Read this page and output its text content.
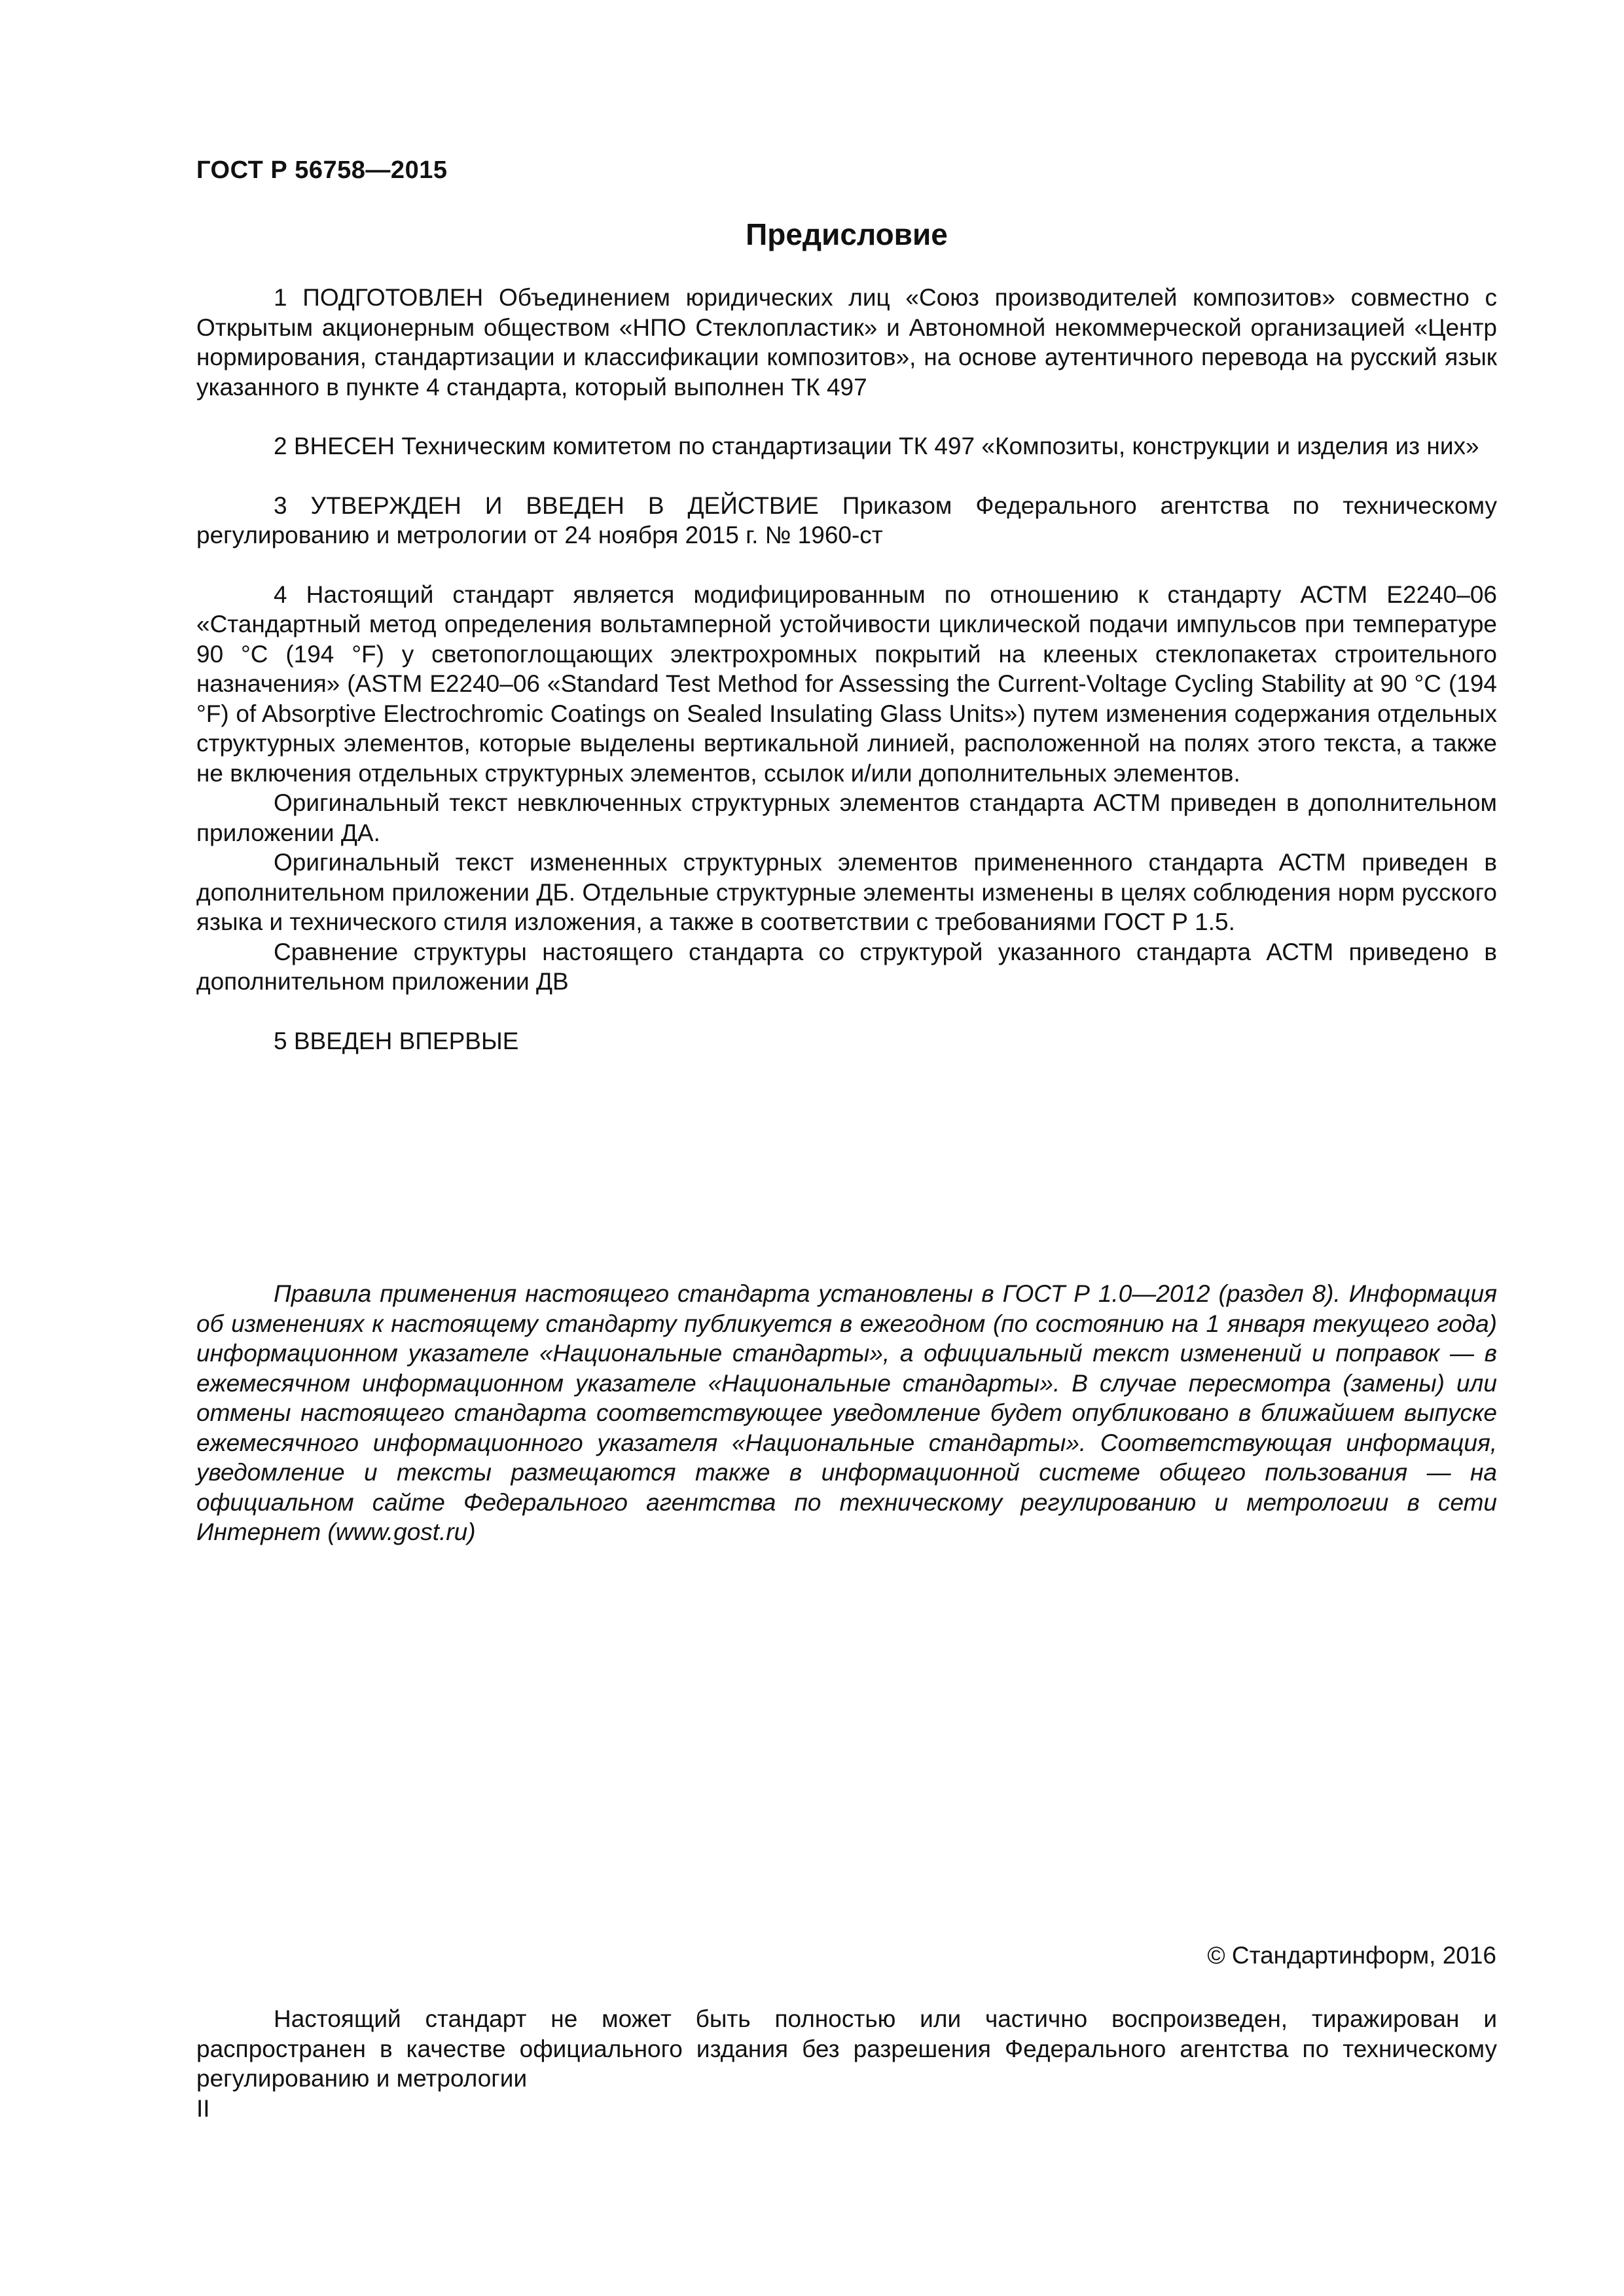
ГОСТ Р 56758—2015
Предисловие

1 ПОДГОТОВЛЕН Объединением юридических лиц «Союз производителей композитов» совместно с Открытым акционерным обществом «НПО Стеклопластик» и Автономной некоммерческой организацией «Центр нормирования, стандартизации и классификации композитов», на основе аутентичного перевода на русский язык указанного в пункте 4 стандарта, который выполнен ТК 497

2 ВНЕСЕН Техническим комитетом по стандартизации ТК 497 «Композиты, конструкции и изделия из них»

3 УТВЕРЖДЕН И ВВЕДЕН В ДЕЙСТВИЕ Приказом Федерального агентства по техническому регулированию и метрологии от 24 ноября 2015 г. № 1960-ст

4 Настоящий стандарт является модифицированным по отношению к стандарту АСТМ Е2240–06 «Стандартный метод определения вольтамперной устойчивости циклической подачи импульсов при температуре 90 °С (194 °F) у светопоглощающих электрохромных покрытий на клееных стеклопакетах строительного назначения» (ASTM E2240–06 «Standard Test Method for Assessing the Current-Voltage Cycling Stability at 90 °C (194 °F) of Absorptive Electrochromic Coatings on Sealed Insulating Glass Units») путем изменения содержания отдельных структурных элементов, которые выделены вертикальной линией, расположенной на полях этого текста, а также не включения отдельных структурных элементов, ссылок и/или дополнительных элементов.

Оригинальный текст невключенных структурных элементов стандарта АСТМ приведен в дополнительном приложении ДА.

Оригинальный текст измененных структурных элементов примененного стандарта АСТМ приведен в дополнительном приложении ДБ. Отдельные структурные элементы изменены в целях соблюдения норм русского языка и технического стиля изложения, а также в соответствии с требованиями ГОСТ Р 1.5.

Сравнение структуры настоящего стандарта со структурой указанного стандарта АСТМ приведено в дополнительном приложении ДВ

5 ВВЕДЕН ВПЕРВЫЕ

Правила применения настоящего стандарта установлены в ГОСТ Р 1.0—2012 (раздел 8). Информация об изменениях к настоящему стандарту публикуется в ежегодном (по состоянию на 1 января текущего года) информационном указателе «Национальные стандарты», а официальный текст изменений и поправок — в ежемесячном информационном указателе «Национальные стандарты». В случае пересмотра (замены) или отмены настоящего стандарта соответствующее уведомление будет опубликовано в ближайшем выпуске ежемесячного информационного указателя «Национальные стандарты». Соответствующая информация, уведомление и тексты размещаются также в информационной системе общего пользования — на официальном сайте Федерального агентства по техническому регулированию и метрологии в сети Интернет (www.gost.ru)

© Стандартинформ, 2016

Настоящий стандарт не может быть полностью или частично воспроизведен, тиражирован и распространен в качестве официального издания без разрешения Федерального агентства по техническому регулированию и метрологии

II
